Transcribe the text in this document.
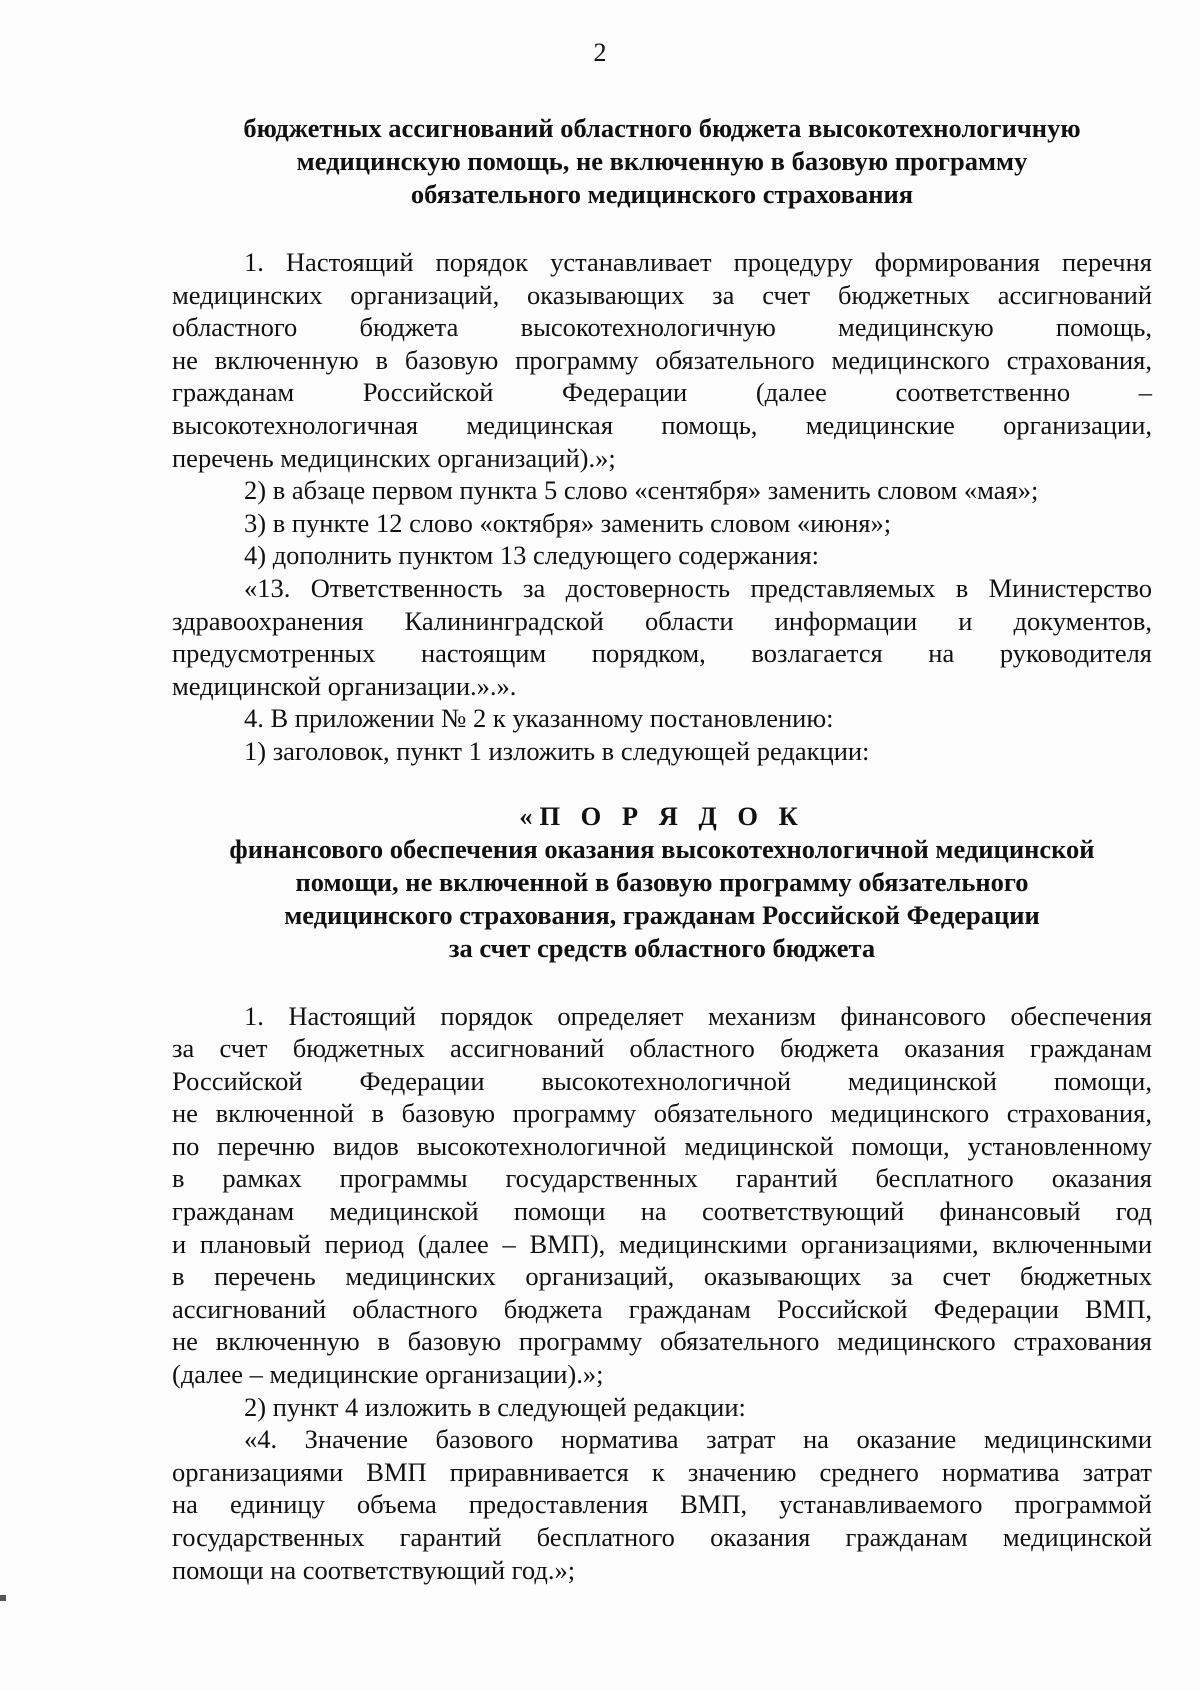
2
бюджетных ассигнований областного бюджета высокотехнологичную
медицинскую помощь, не включенную в базовую программу
обязательного медицинского страхования
1. Настоящий порядок устанавливает процедуру формирования перечня
медицинских организаций, оказывающих за счет бюджетных ассигнований
областного бюджета высокотехнологичную медицинскую помощь,
не включенную в базовую программу обязательного медицинского страхования,
гражданам Российской Федерации (далее соответственно –
высокотехнологичная медицинская помощь, медицинские организации,
перечень медицинских организаций).»;

2) в абзаце первом пункта 5 слово «сентября» заменить словом «мая»;

3) в пункте 12 слово «октября» заменить словом «июня»;

4) дополнить пунктом 13 следующего содержания:

«13. Ответственность за достоверность представляемых в Министерство
здравоохранения Калининградской области информации и документов,
предусмотренных настоящим порядком, возлагается на руководителя
медицинской организации.».».

4. В приложении № 2 к указанному постановлению:

1) заголовок, пункт 1 изложить в следующей редакции:

«П О Р Я Д О К
финансового обеспечения оказания высокотехнологичной медицинской
помощи, не включенной в базовую программу обязательного
медицинского страхования, гражданам Российской Федерации
за счет средств областного бюджета
1. Настоящий порядок определяет механизм финансового обеспечения
за счет бюджетных ассигнований областного бюджета оказания гражданам
Российской Федерации высокотехнологичной медицинской помощи,
не включенной в базовую программу обязательного медицинского страхования,
по перечню видов высокотехнологичной медицинской помощи, установленному
в рамках программы государственных гарантий бесплатного оказания
гражданам медицинской помощи на соответствующий финансовый год
и плановый период (далее – ВМП), медицинскими организациями, включенными
в перечень медицинских организаций, оказывающих за счет бюджетных
ассигнований областного бюджета гражданам Российской Федерации ВМП,
не включенную в базовую программу обязательного медицинского страхования
(далее – медицинские организации).»;

2) пункт 4 изложить в следующей редакции:

«4. Значение базового норматива затрат на оказание медицинскими
организациями ВМП приравнивается к значению среднего норматива затрат
на единицу объема предоставления ВМП, устанавливаемого программой
государственных гарантий бесплатного оказания гражданам медицинской
помощи на соответствующий год.»;
